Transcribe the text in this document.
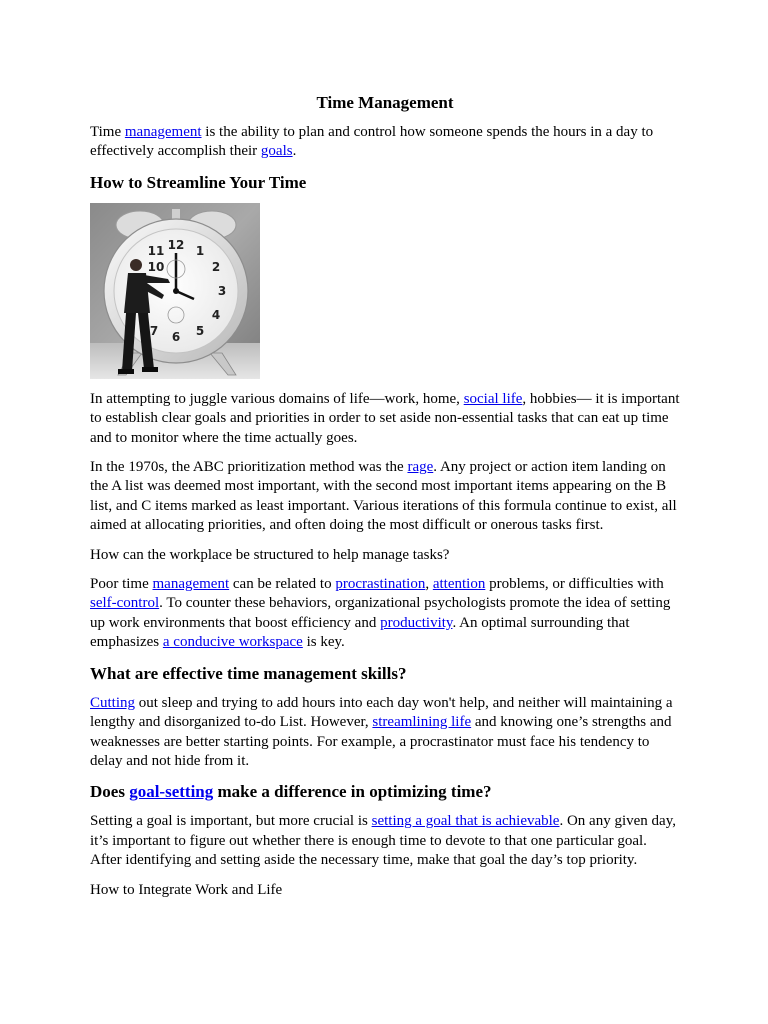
Time Management

Time management is the ability to plan and control how someone spends the hours in a day to effectively accomplish their goals.

How to Streamline Your Time
12 1
2
3
4
5
6
7
10
11

In attempting to juggle various domains of life—work, home, social life, hobbies— it is important to establish clear goals and priorities in order to set aside non-essential tasks that can eat up time and to monitor where the time actually goes.

In the 1970s, the ABC prioritization method was the rage. Any project or action item landing on the A list was deemed most important, with the second most important items appearing on the B list, and C items marked as least important. Various iterations of this formula continue to exist, all aimed at allocating priorities, and often doing the most difficult or onerous tasks first.

How can the workplace be structured to help manage tasks?

Poor time management can be related to procrastination, attention problems, or difficulties with self-control. To counter these behaviors, organizational psychologists promote the idea of setting up work environments that boost efficiency and productivity. An optimal surrounding that emphasizes a conducive workspace is key.

What are effective time management skills?

Cutting out sleep and trying to add hours into each day won't help, and neither will maintaining a lengthy and disorganized to-do List. However, streamlining life and knowing one’s strengths and weaknesses are better starting points. For example, a procrastinator must face his tendency to delay and not hide from it.

Does goal-setting make a difference in optimizing time?

Setting a goal is important, but more crucial is setting a goal that is achievable. On any given day, it’s important to figure out whether there is enough time to devote to that one particular goal. After identifying and setting aside the necessary time, make that goal the day’s top priority.

How to Integrate Work and Life
